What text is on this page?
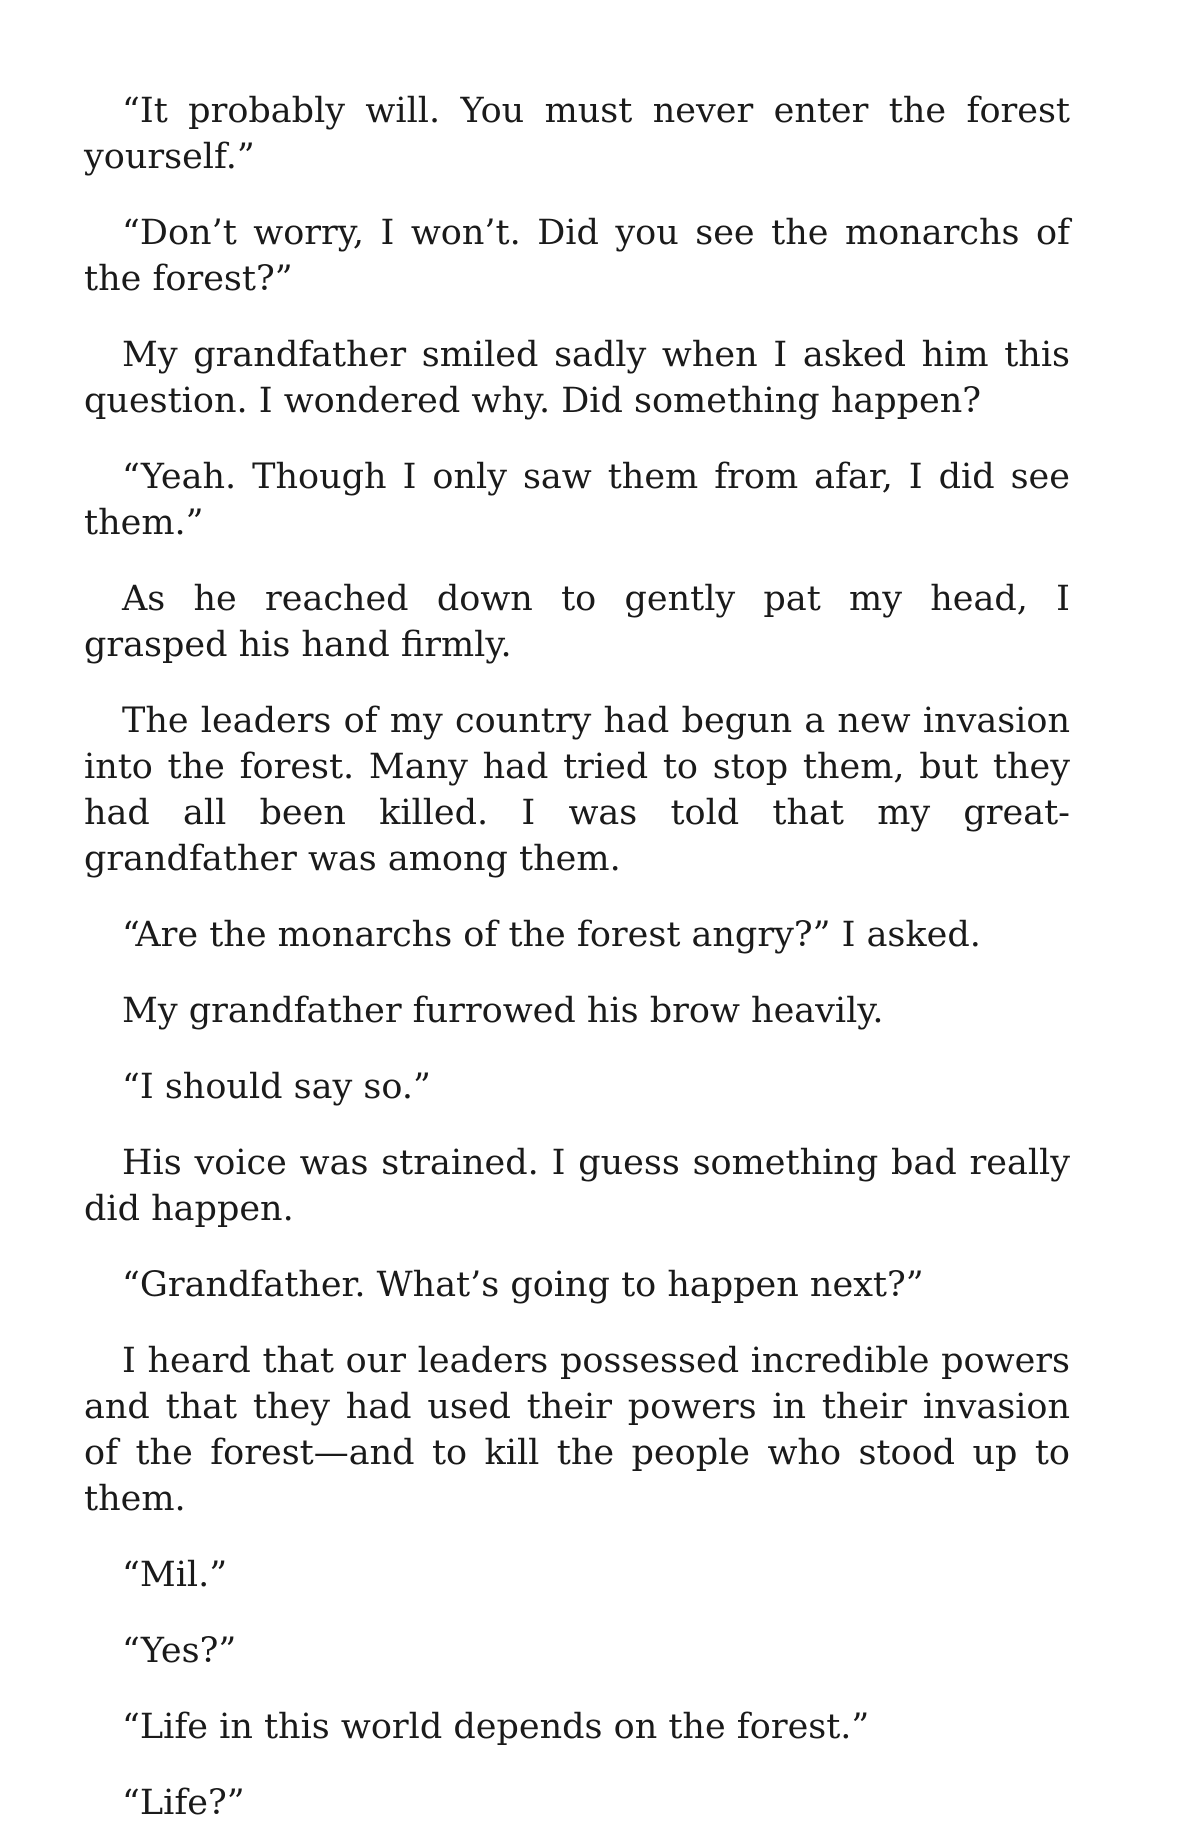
“It probably will. You must never enter the forest yourself.”

“Don’t worry, I won’t. Did you see the monarchs of the forest?”

My grandfather smiled sadly when I asked him this question. I wondered why. Did something happen?

“Yeah. Though I only saw them from afar, I did see them.”

As he reached down to gently pat my head, I grasped his hand firmly.

The leaders of my country had begun a new invasion into the forest. Many had tried to stop them, but they had all been killed. I was told that my great-grandfather was among them.

“Are the monarchs of the forest angry?” I asked.

My grandfather furrowed his brow heavily.

“I should say so.”

His voice was strained. I guess something bad really did happen.

“Grandfather. What’s going to happen next?”

I heard that our leaders possessed incredible powers and that they had used their powers in their invasion of the forest—and to kill the people who stood up to them.

“Mil.”

“Yes?”

“Life in this world depends on the forest.”

“Life?”
